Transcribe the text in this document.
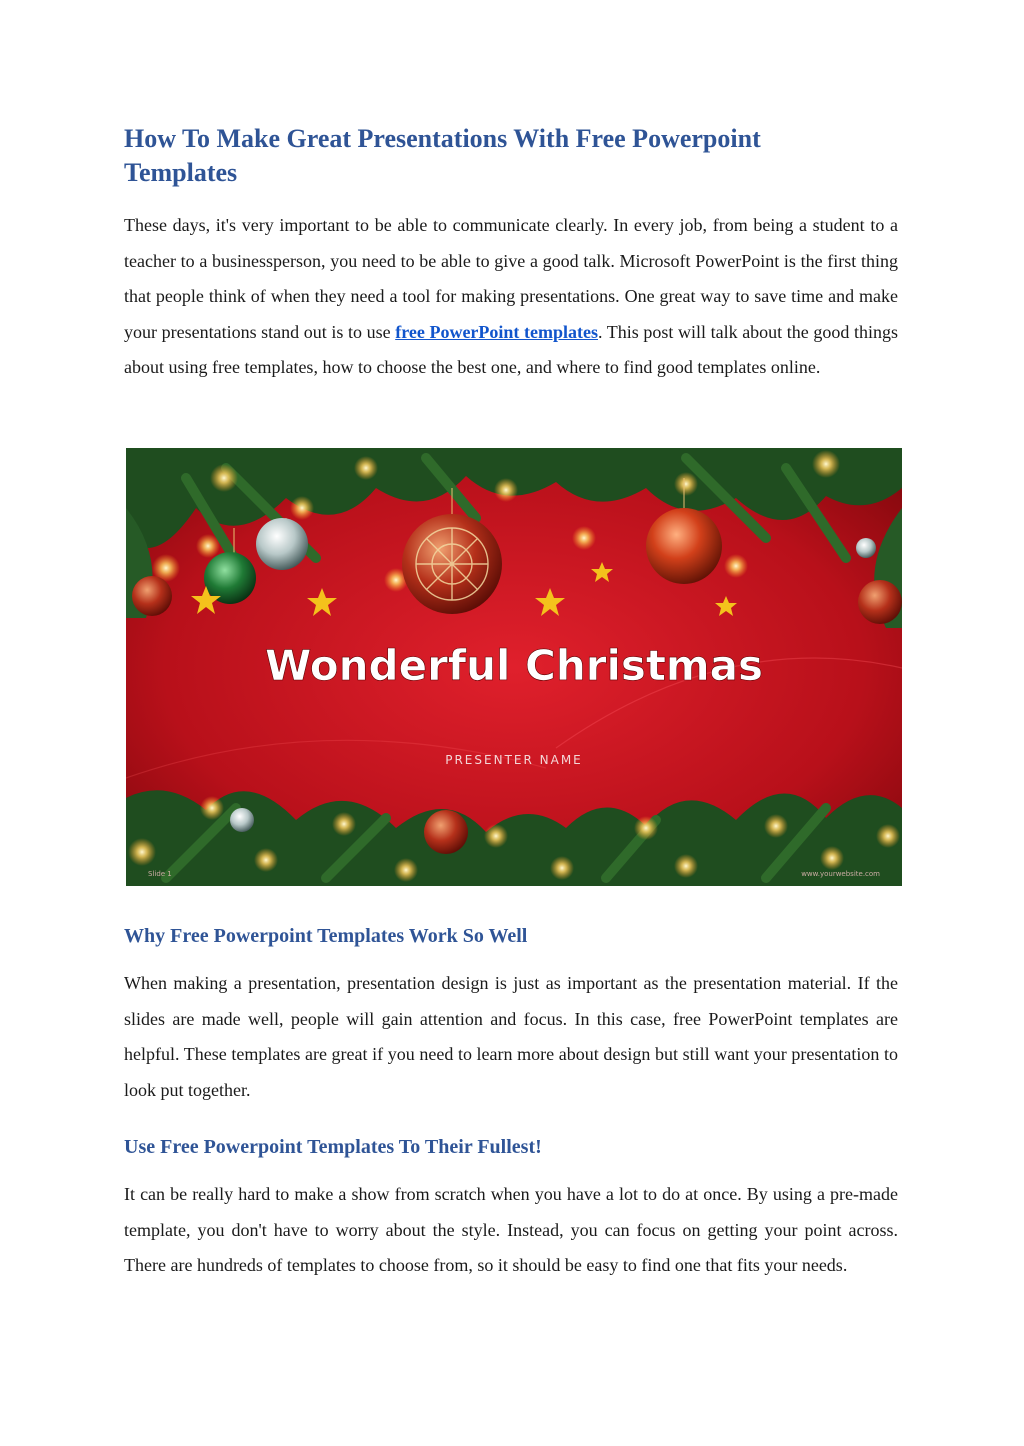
How To Make Great Presentations With Free Powerpoint Templates

These days, it's very important to be able to communicate clearly. In every job, from being a student to a teacher to a businessperson, you need to be able to give a good talk. Microsoft PowerPoint is the first thing that people think of when they need a tool for making presentations. One great way to save time and make your presentations stand out is to use free PowerPoint templates. This post will talk about the good things about using free templates, how to choose the best one, and where to find good templates online.

Wonderful Christmas
PRESENTER NAME
Slide 1	www.yourwebsite.com
Why Free Powerpoint Templates Work So Well

When making a presentation, presentation design is just as important as the presentation material. If the slides are made well, people will gain attention and focus. In this case, free PowerPoint templates are helpful. These templates are great if you need to learn more about design but still want your presentation to look put together.

Use Free Powerpoint Templates To Their Fullest!

It can be really hard to make a show from scratch when you have a lot to do at once. By using a pre-made template, you don't have to worry about the style. Instead, you can focus on getting your point across. There are hundreds of templates to choose from, so it should be easy to find one that fits your needs.
